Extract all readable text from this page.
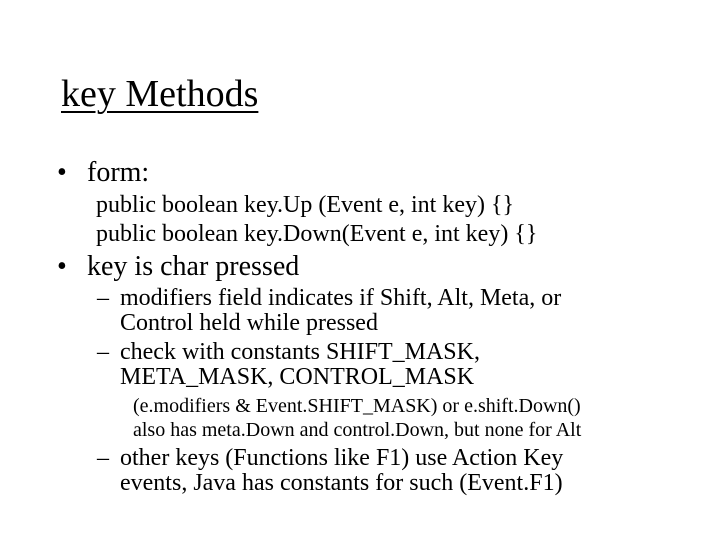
key Methods
• form:
public boolean key.Up (Event e, int key) {}
public boolean key.Down(Event e, int key) {}
• key is char pressed
– modifiers field indicates if Shift, Alt, Meta, or
Control held while pressed
– check with constants SHIFT_MASK,
META_MASK, CONTROL_MASK
(e.modifiers & Event.SHIFT_MASK) or e.shift.Down()
also has meta.Down and control.Down, but none for Alt
– other keys (Functions like F1) use Action Key
events, Java has constants for such (Event.F1)
